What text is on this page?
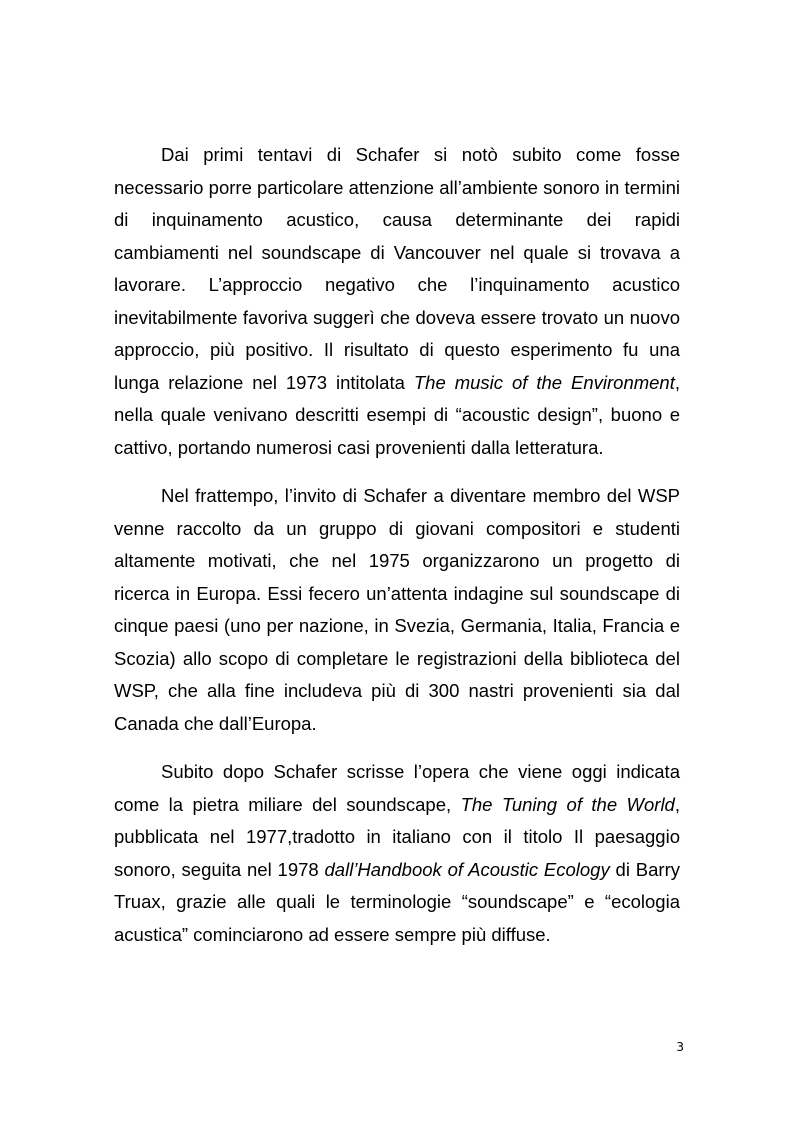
Dai primi tentavi di Schafer si notò subito come fosse necessario porre particolare attenzione all’ambiente sonoro in termini di inquinamento acustico, causa determinante dei rapidi cambiamenti nel soundscape di Vancouver nel quale si trovava a lavorare. L’approccio negativo che l’inquinamento acustico inevitabilmente favoriva suggerì che doveva essere trovato un nuovo approccio, più positivo. Il risultato di questo esperimento fu una lunga relazione nel 1973 intitolata The music of the Environment, nella quale venivano descritti esempi di “acoustic design”, buono e cattivo, portando numerosi casi provenienti dalla letteratura.

Nel frattempo, l’invito di Schafer a diventare membro del WSP venne raccolto da un gruppo di giovani compositori e studenti altamente motivati, che nel 1975 organizzarono un progetto di ricerca in Europa. Essi fecero un’attenta indagine sul soundscape di cinque paesi (uno per nazione, in Svezia, Germania, Italia, Francia e Scozia) allo scopo di completare le registrazioni della biblioteca del WSP, che alla fine includeva più di 300 nastri provenienti sia dal Canada che dall’Europa.

Subito dopo Schafer scrisse l’opera che viene oggi indicata come la pietra miliare del soundscape, The Tuning of the World, pubblicata nel 1977,tradotto in italiano con il titolo Il paesaggio sonoro, seguita nel 1978 dall’Handbook of Acoustic Ecology di Barry Truax, grazie alle quali le terminologie “soundscape” e “ecologia acustica” cominciarono ad essere sempre più diffuse.

3
